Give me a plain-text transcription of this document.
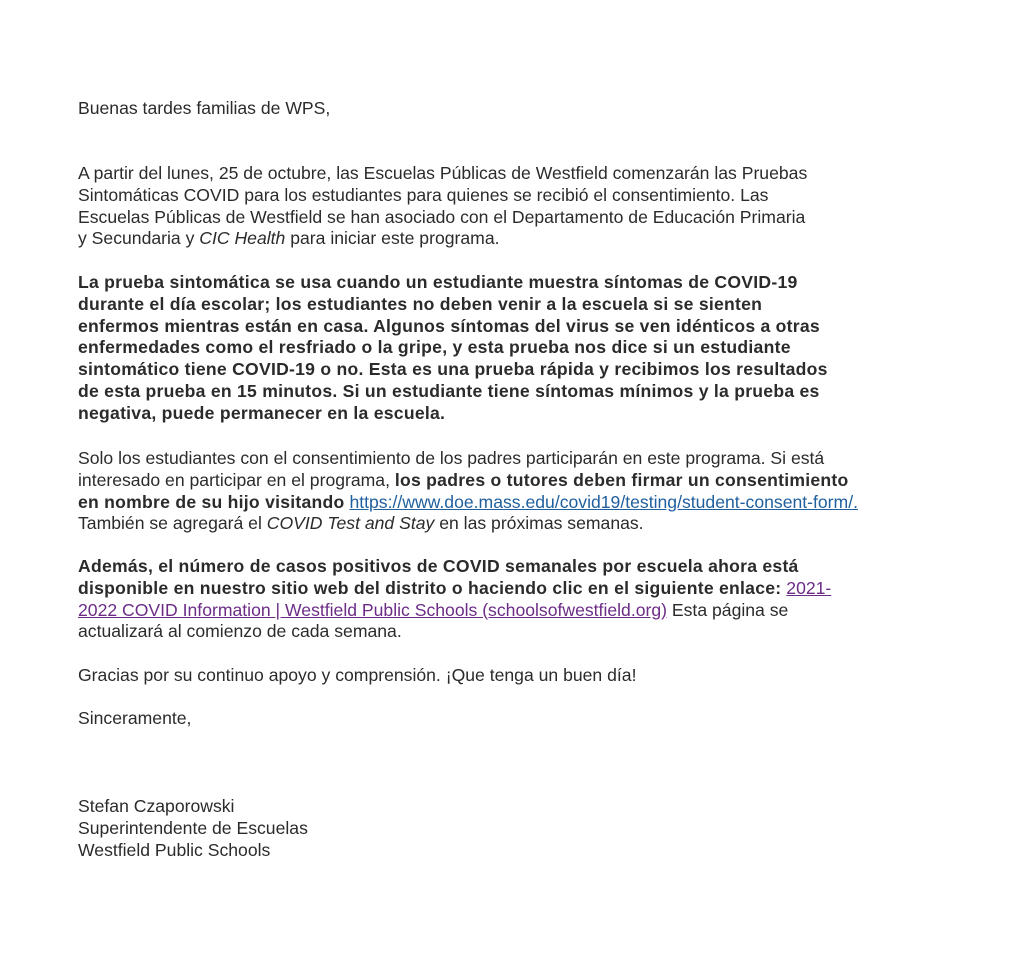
Buenas tardes familias de WPS,

A partir del lunes, 25 de octubre, las Escuelas Públicas de Westfield comenzarán las Pruebas
Sintomáticas COVID para los estudiantes para quienes se recibió el consentimiento. Las
Escuelas Públicas de Westfield se han asociado con el Departamento de Educación Primaria
y Secundaria y CIC Health para iniciar este programa.

La prueba sintomática se usa cuando un estudiante muestra síntomas de COVID-19
durante el día escolar; los estudiantes no deben venir a la escuela si se sienten
enfermos mientras están en casa. Algunos síntomas del virus se ven idénticos a otras
enfermedades como el resfriado o la gripe, y esta prueba nos dice si un estudiante
sintomático tiene COVID-19 o no. Esta es una prueba rápida y recibimos los resultados
de esta prueba en 15 minutos. Si un estudiante tiene síntomas mínimos y la prueba es
negativa, puede permanecer en la escuela.

Solo los estudiantes con el consentimiento de los padres participarán en este programa. Si está
interesado en participar en el programa, los padres o tutores deben firmar un consentimiento
en nombre de su hijo visitando https://www.doe.mass.edu/covid19/testing/student-consent-form/.
También se agregará el COVID Test and Stay en las próximas semanas.

Además, el número de casos positivos de COVID semanales por escuela ahora está
disponible en nuestro sitio web del distrito o haciendo clic en el siguiente enlace: 2021-
2022 COVID Information | Westfield Public Schools (schoolsofwestfield.org) Esta página se
actualizará al comienzo de cada semana.

Gracias por su continuo apoyo y comprensión. ¡Que tenga un buen día!

Sinceramente,

Stefan Czaporowski
Superintendente de Escuelas
Westfield Public Schools
